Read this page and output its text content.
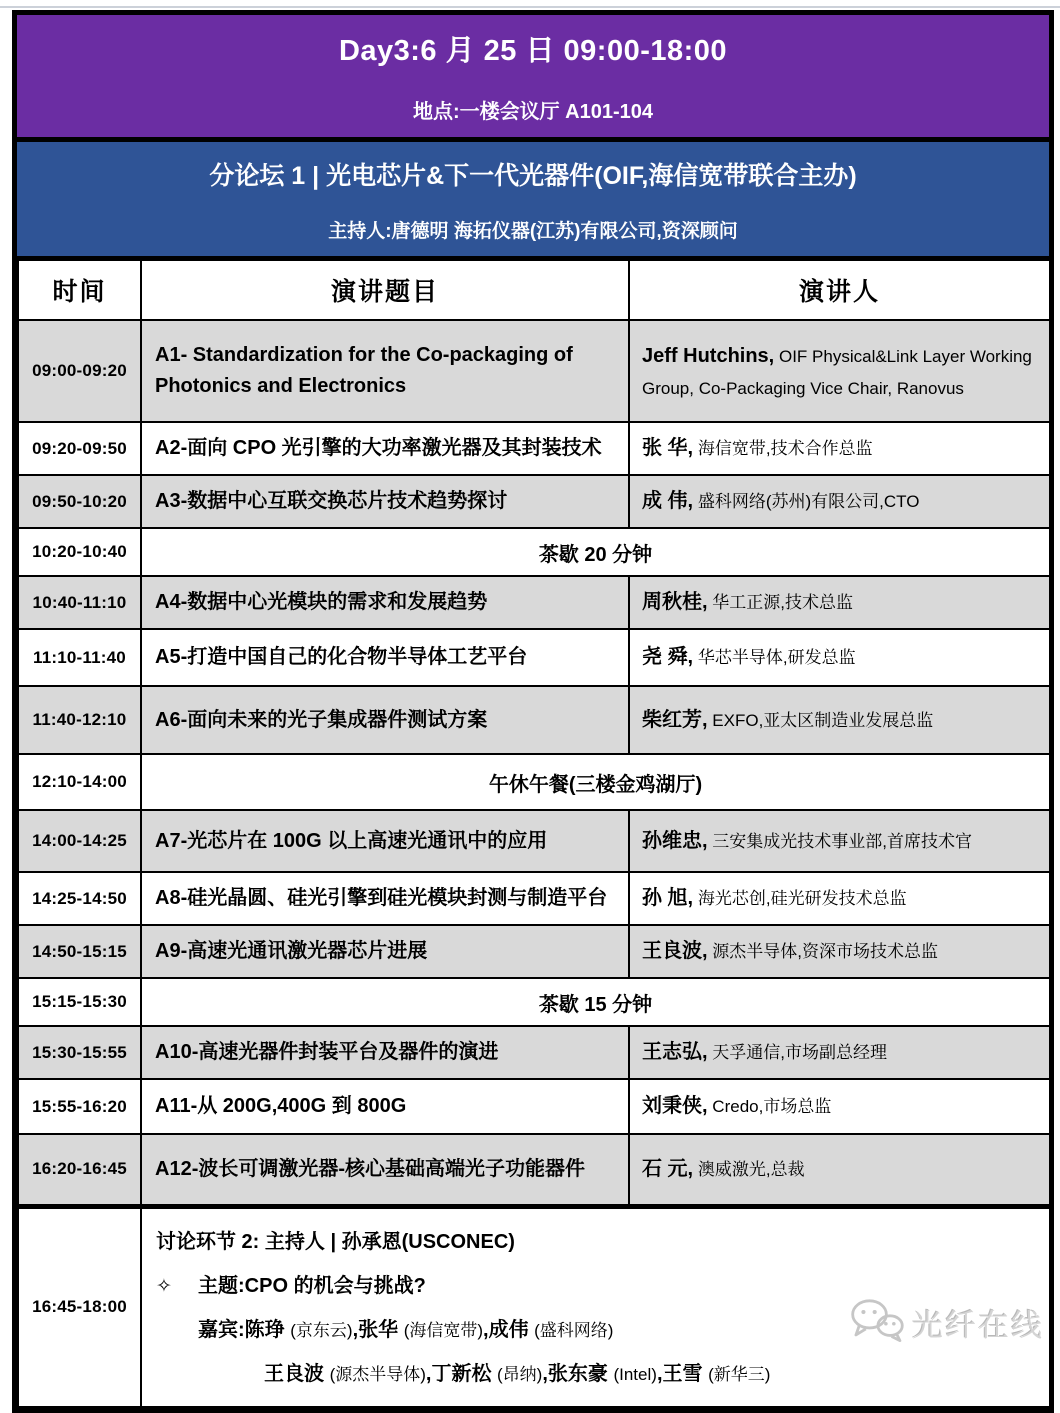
Day3:6 月 25 日 09:00-18:00
地点:一楼会议厅 A101-104
分论坛 1 | 光电芯片&下一代光器件(OIF,海信宽带联合主办)
主持人:唐德明 海拓仪器(江苏)有限公司,资深顾问
时间	演讲题目	演讲人
09:00-09:20	A1- Standardization for the Co-packaging of Photonics and Electronics	Jeff Hutchins, OIF Physical&Link Layer Working Group, Co-Packaging Vice Chair, Ranovus
09:20-09:50	A2-面向 CPO 光引擎的大功率激光器及其封装技术	张 华, 海信宽带,技术合作总监
09:50-10:20	A3-数据中心互联交换芯片技术趋势探讨	成 伟, 盛科网络(苏州)有限公司,CTO
10:20-10:40	茶歇 20 分钟	
10:40-11:10	A4-数据中心光模块的需求和发展趋势	周秋桂, 华工正源,技术总监
11:10-11:40	A5-打造中国自己的化合物半导体工艺平台	尧 舜, 华芯半导体,研发总监
11:40-12:10	A6-面向未来的光子集成器件测试方案	柴红芳, EXFO,亚太区制造业发展总监
12:10-14:00	午休午餐(三楼金鸡湖厅)	
14:00-14:25	A7-光芯片在 100G 以上高速光通讯中的应用	孙维忠, 三安集成光技术事业部,首席技术官
14:25-14:50	A8-硅光晶圆、硅光引擎到硅光模块封测与制造平台	孙 旭, 海光芯创,硅光研发技术总监
14:50-15:15	A9-高速光通讯激光器芯片进展	王良波, 源杰半导体,资深市场技术总监
15:15-15:30	茶歇 15 分钟	
15:30-15:55	A10-高速光器件封装平台及器件的演进	王志弘, 天孚通信,市场副总经理
15:55-16:20	A11-从 200G,400G 到 800G	刘秉侠, Credo,市场总监
16:20-16:45	A12-波长可调激光器-核心基础高端光子功能器件	石 元, 澳威激光,总裁
16:45-18:00	讨论环节 2: 主持人 | 孙承恩(USCONEC)
✧ 主题:CPO 的机会与挑战?
嘉宾:陈琤 (京东云),张华 (海信宽带),成伟 (盛科网络)
王良波 (源杰半导体),丁新松 (昂纳),张东豪 (Intel),王雪 (新华三)	
光纤在线
